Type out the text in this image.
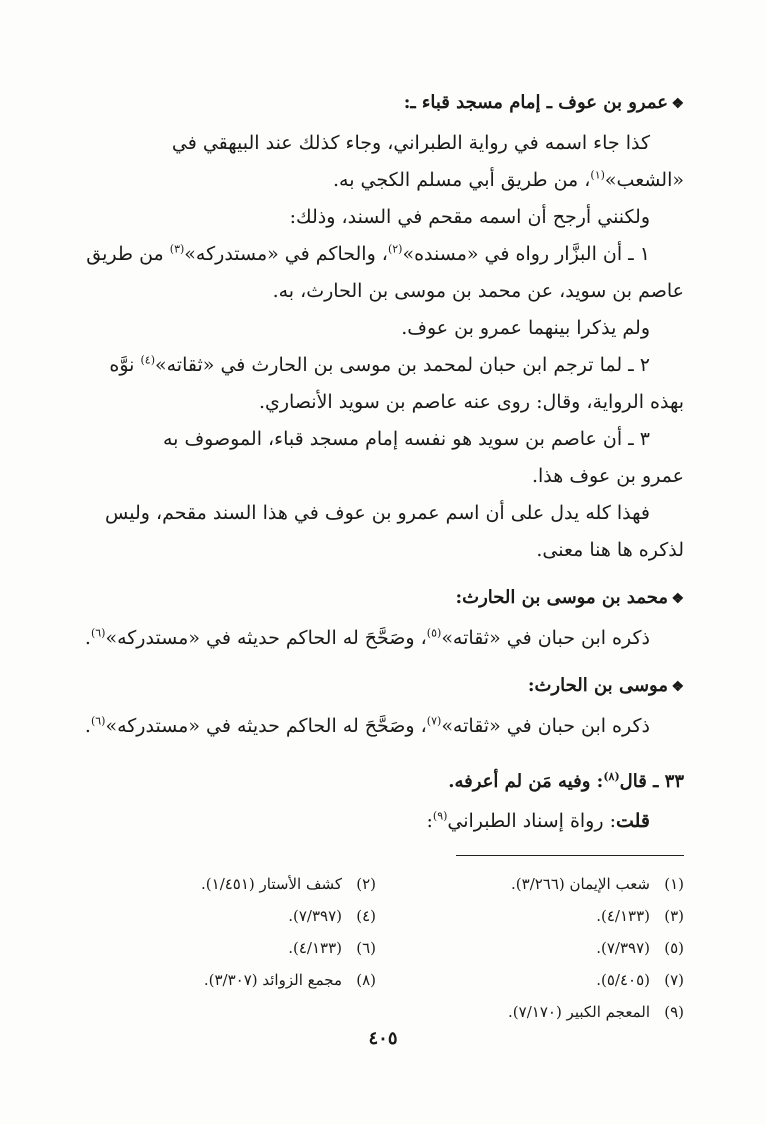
❖عمرو بن عوف ـ إمام مسجد قباء ـ:

كذا جاء اسمه في رواية الطبراني، وجاء كذلك عند البيهقي في

«الشعب»$^{(١)}$، من طريق أبي مسلم الكجي به.

ولكنني أرجح أن اسمه مقحم في السند، وذلك:

١ ـ أن البزَّار رواه في «مسنده»$^{(٢)}$، والحاكم في «مستدركه»$^{(٣)}$ من طريق

عاصم بن سويد، عن محمد بن موسى بن الحارث، به.

ولم يذكرا بينهما عمرو بن عوف.

٢ ـ لما ترجم ابن حبان لمحمد بن موسى بن الحارث في «ثقاته»$^{(٤)}$ نوَّه

بهذه الرواية، وقال: روى عنه عاصم بن سويد الأنصاري.

٣ ـ أن عاصم بن سويد هو نفسه إمام مسجد قباء، الموصوف به

عمرو بن عوف هذا.

فهذا كله يدل على أن اسم عمرو بن عوف في هذا السند مقحم، وليس

لذكره ها هنا معنى.

❖محمد بن موسى بن الحارث:

ذكره ابن حبان في «ثقاته»$^{(٥)}$، وصَحَّحَ له الحاكم حديثه في «مستدركه»$^{(٦)}$.

❖موسى بن الحارث:

ذكره ابن حبان في «ثقاته»$^{(٧)}$، وصَحَّحَ له الحاكم حديثه في «مستدركه»$^{(٦)}$.

٣٣ ـ قال$^{(٨)}$: وفيه مَن لم أعرفه.

قلت: رواة إسناد الطبراني$^{(٩)}$:

(١)شعب الإيمان (٣/٢٦٦).
(٢)كشف الأستار (١/٤٥١).
(٣)(٤/١٣٣).
(٤)(٧/٣٩٧).
(٥)(٧/٣٩٧).
(٦)(٤/١٣٣).
(٧)(٥/٤٠٥).
(٨)مجمع الزوائد (٣/٣٠٧).
(٩)المعجم الكبير (٧/١٧٠).
٤٠٥
